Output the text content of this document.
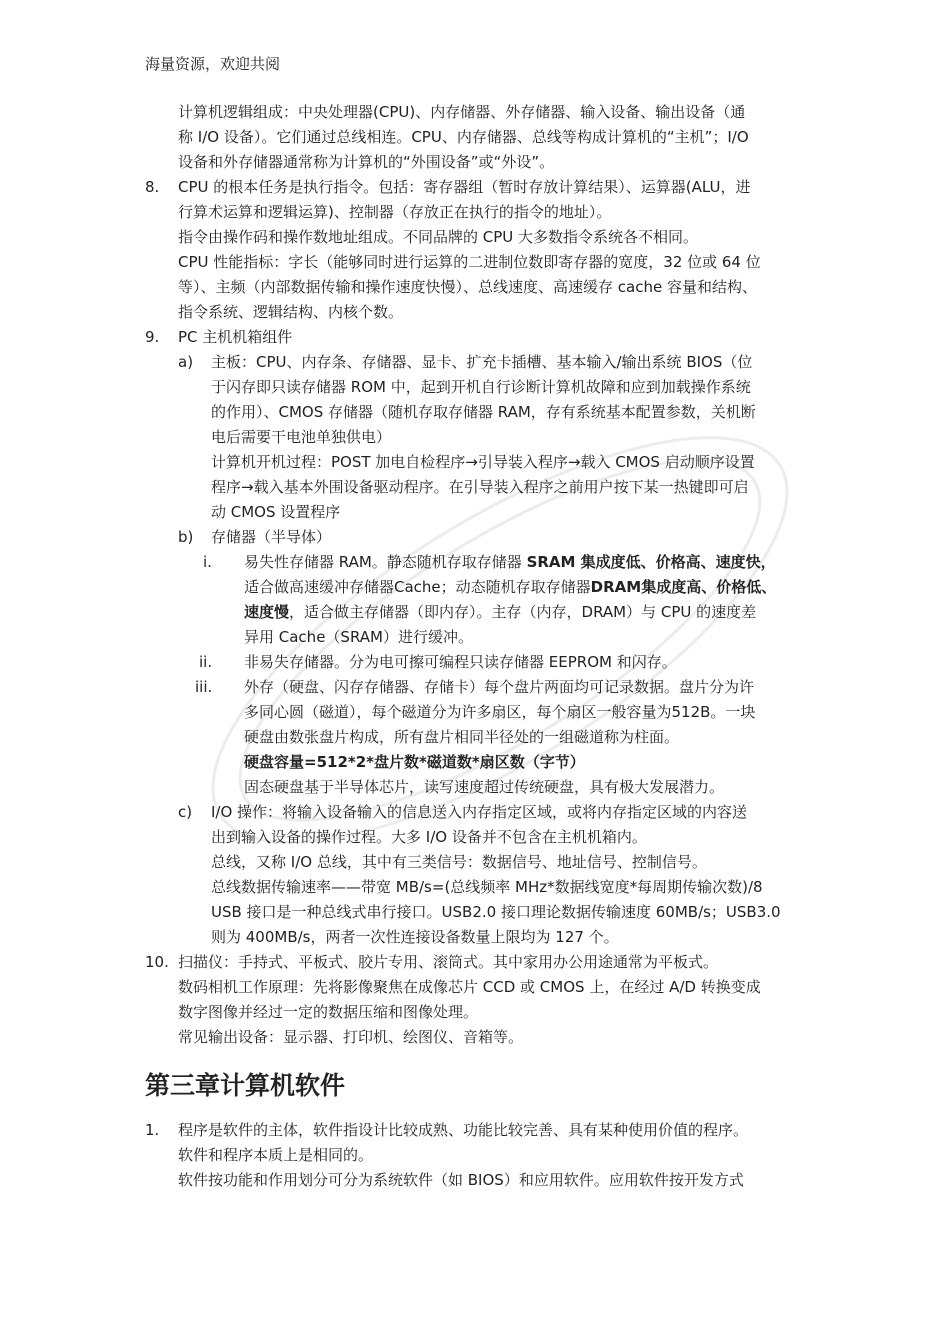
海量资源，欢迎共阅
计算机逻辑组成：中央处理器(CPU)、内存储器、外存储器、输入设备、输出设备（通
称 I/O 设备）。它们通过总线相连。CPU、内存储器、总线等构成计算机的“主机”；I/O
设备和外存储器通常称为计算机的“外围设备”或“外设”。
8. CPU 的根本任务是执行指令。包括：寄存器组（暂时存放计算结果）、运算器(ALU，进
行算术运算和逻辑运算)、控制器（存放正在执行的指令的地址）。
指令由操作码和操作数地址组成。不同品牌的 CPU 大多数指令系统各不相同。
CPU 性能指标：字长（能够同时进行运算的二进制位数即寄存器的宽度，32 位或 64 位
等）、主频（内部数据传输和操作速度快慢）、总线速度、高速缓存 cache 容量和结构、
指令系统、逻辑结构、内核个数。
9. PC 主机机箱组件
a) 主板：CPU、内存条、存储器、显卡、扩充卡插槽、基本输入/输出系统 BIOS（位
于闪存即只读存储器 ROM 中，起到开机自行诊断计算机故障和应到加载操作系统
的作用）、CMOS 存储器（随机存取存储器 RAM，存有系统基本配置参数，关机断
电后需要干电池单独供电）
计算机开机过程：POST 加电自检程序→引导装入程序→载入 CMOS 启动顺序设置
程序→载入基本外围设备驱动程序。在引导装入程序之前用户按下某一热键即可启
动 CMOS 设置程序
b) 存储器（半导体）
i. 易失性存储器 RAM。静态随机存取存储器 SRAM 集成度低、价格高、速度快，
适合做高速缓冲存储器Cache；动态随机存取存储器DRAM集成度高、价格低、
速度慢，适合做主存储器（即内存）。主存（内存，DRAM）与 CPU 的速度差
异用 Cache（SRAM）进行缓冲。
ii. 非易失存储器。分为电可擦可编程只读存储器 EEPROM 和闪存。
iii. 外存（硬盘、闪存存储器、存储卡）每个盘片两面均可记录数据。盘片分为许
多同心圆（磁道），每个磁道分为许多扇区，每个扇区一般容量为512B。一块
硬盘由数张盘片构成，所有盘片相同半径处的一组磁道称为柱面。
硬盘容量=512*2*盘片数*磁道数*扇区数（字节）
固态硬盘基于半导体芯片，读写速度超过传统硬盘，具有极大发展潜力。
c) I/O 操作：将输入设备输入的信息送入内存指定区域，或将内存指定区域的内容送
出到输入设备的操作过程。大多 I/O 设备并不包含在主机机箱内。
总线，又称 I/O 总线，其中有三类信号：数据信号、地址信号、控制信号。
总线数据传输速率——带宽 MB/s=(总线频率 MHz*数据线宽度*每周期传输次数)/8
USB 接口是一种总线式串行接口。USB2.0 接口理论数据传输速度 60MB/s；USB3.0
则为 400MB/s，两者一次性连接设备数量上限均为 127 个。
10. 扫描仪：手持式、平板式、胶片专用、滚筒式。其中家用办公用途通常为平板式。
数码相机工作原理：先将影像聚焦在成像芯片 CCD 或 CMOS 上，在经过 A/D 转换变成
数字图像并经过一定的数据压缩和图像处理。
常见输出设备：显示器、打印机、绘图仪、音箱等。
第三章计算机软件
1. 程序是软件的主体，软件指设计比较成熟、功能比较完善、具有某种使用价值的程序。
软件和程序本质上是相同的。
软件按功能和作用划分可分为系统软件（如 BIOS）和应用软件。应用软件按开发方式
